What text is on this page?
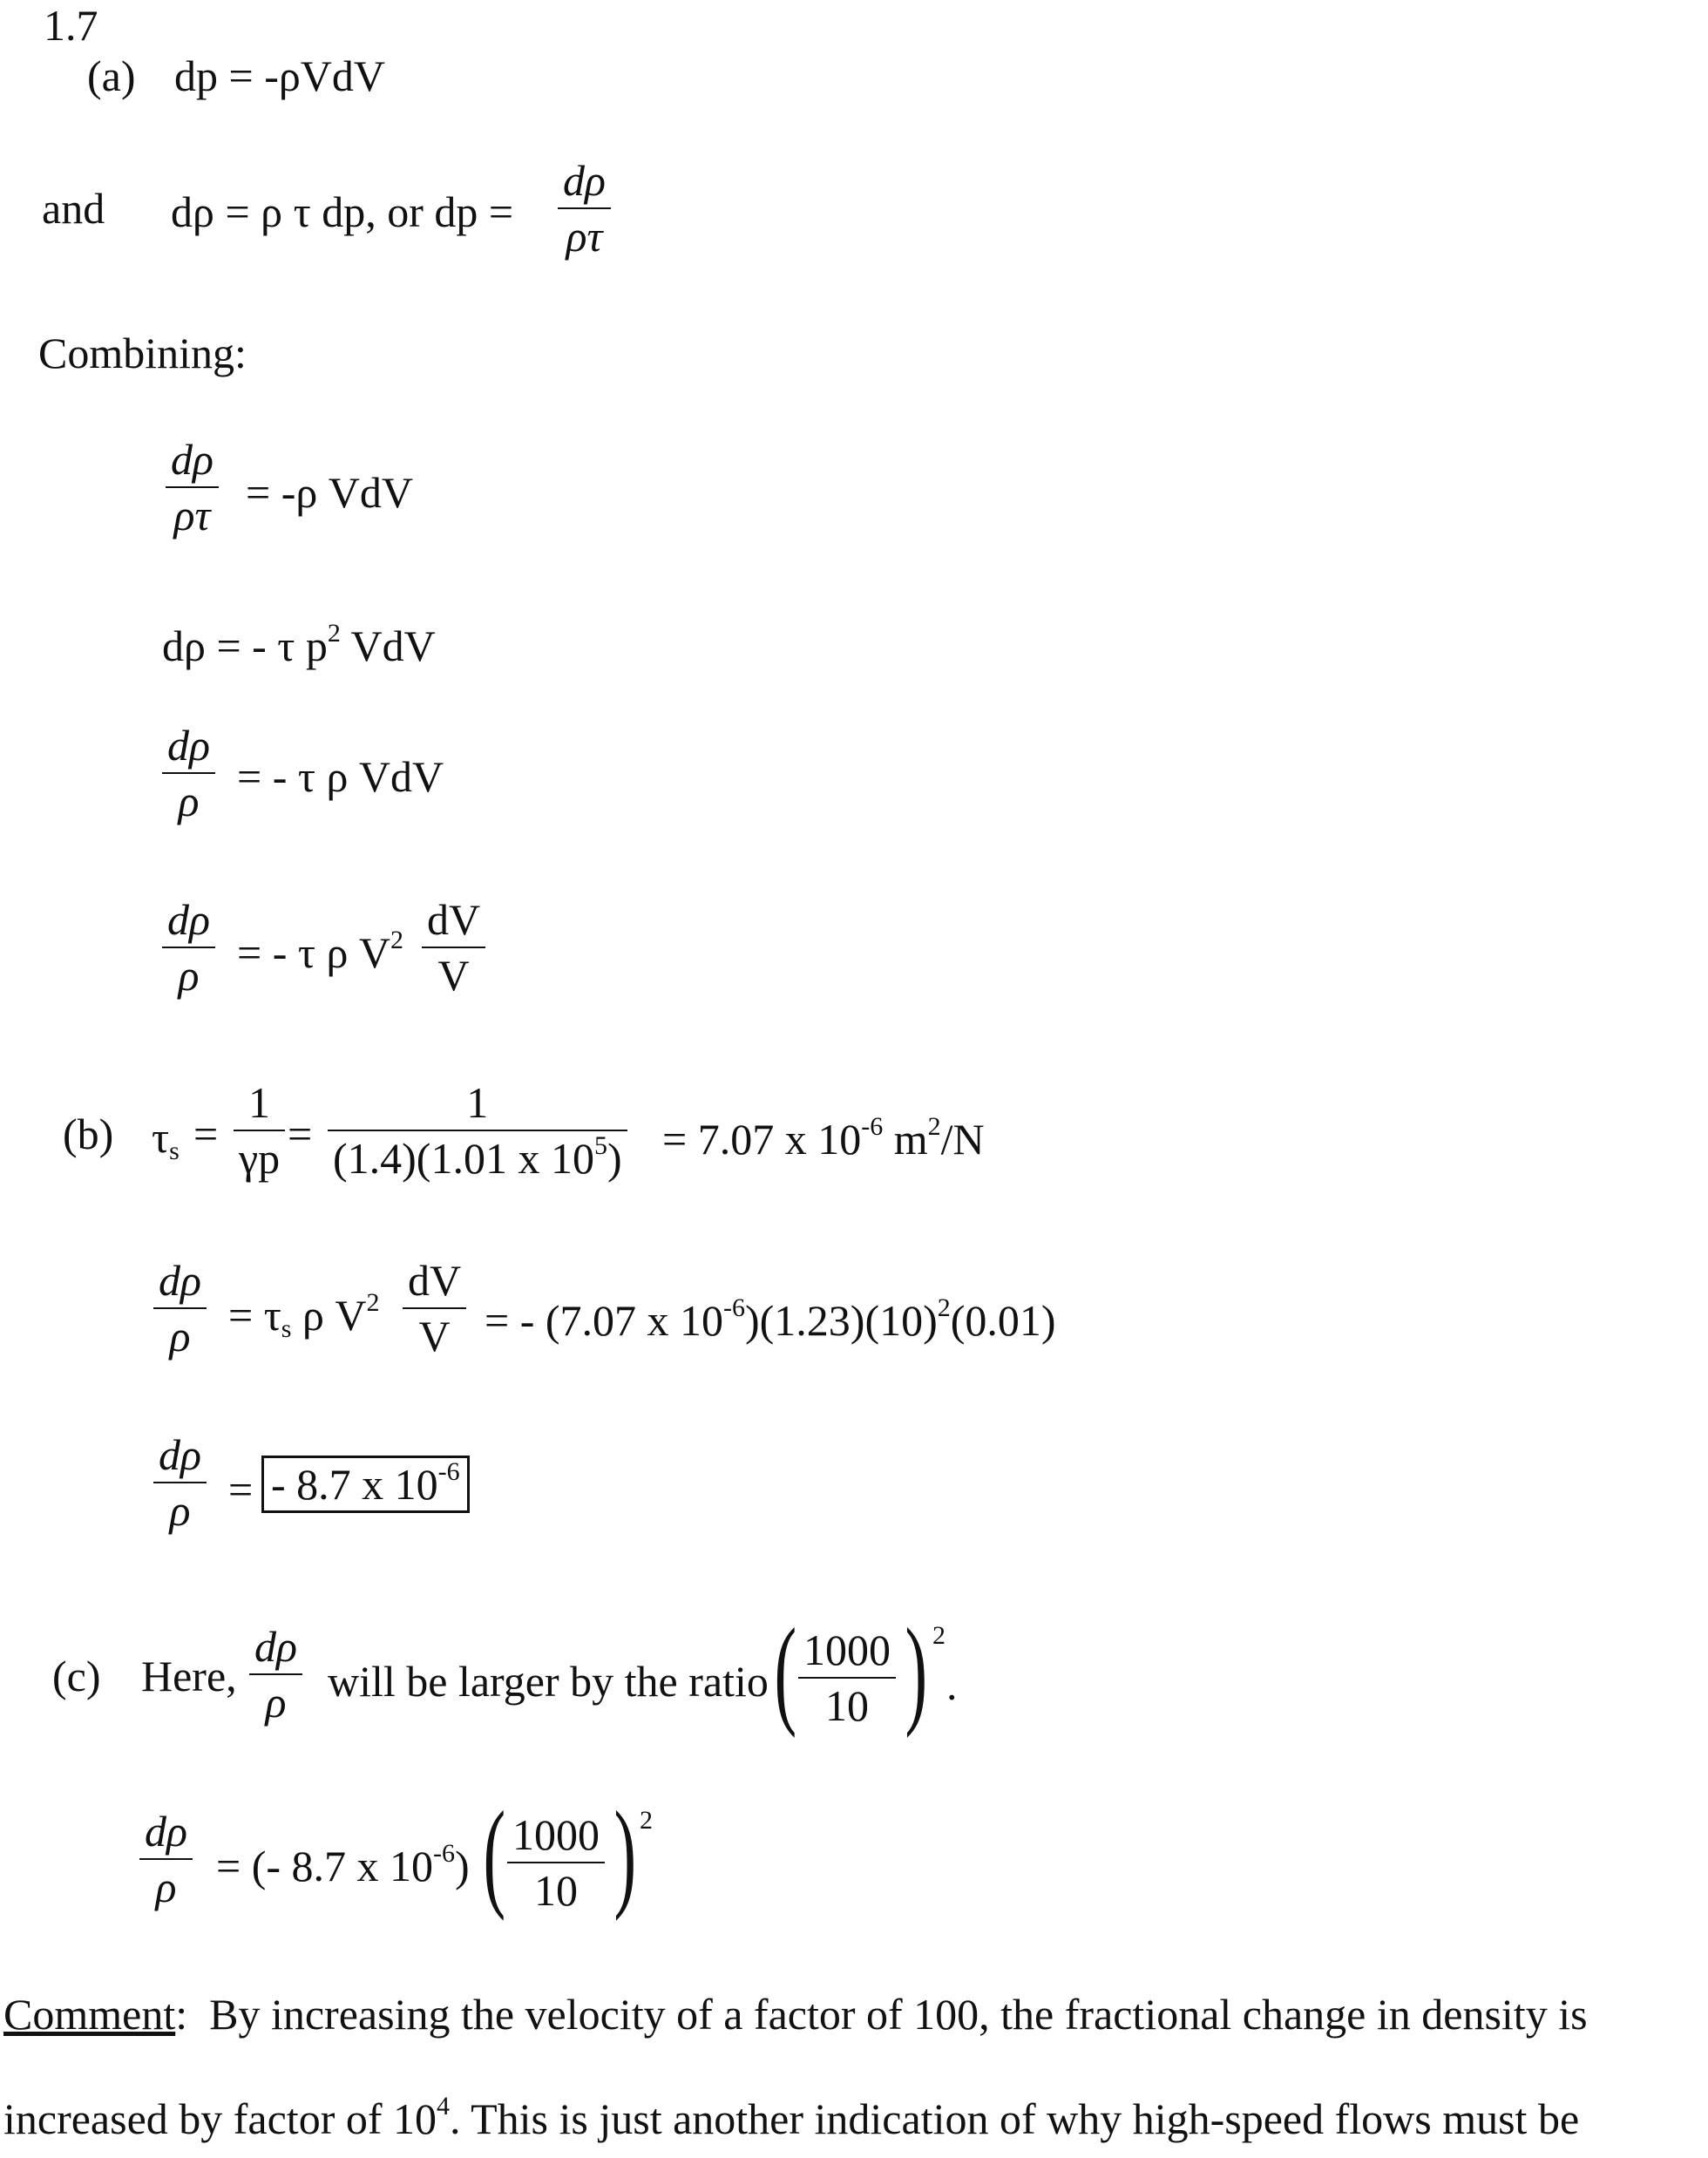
1.7
(a) dp = -ρVdV
and dρ = ρ τ dp, or dp =
dρ
ρτ
Combining:
dρ
ρτ = -ρ VdV
dρ = - τ $p^2$ VdV
dρ
ρ = - τ ρ VdV
dρ
ρ = - τ ρ $V^2$ dV
V
(b) $\tau_s$ =
1
γp =
1
(1.4)(1.01 x $10^5) = 7.07$ x $10^{-6}$ $m^2/N$
dρ
$\rho = \tau_s$ ρ $V^2$ dV
V = - (7.07 x $10^{-6})(1.23)(10)^2(0.01)$
dρ
ρ = - 8.7 x $10^{-6}$
(c) Here,
dρ
ρ will be larger by the ratio ( 1000
10 ) 2
.
dρ
ρ = (- 8.7 x $10^{-6}$) ( 1000
10 ) 2
Comment: By increasing the velocity of a factor of 100, the fractional change in density is
increased by factor of $10^4$. This is just another indication of why high-speed flows must be
